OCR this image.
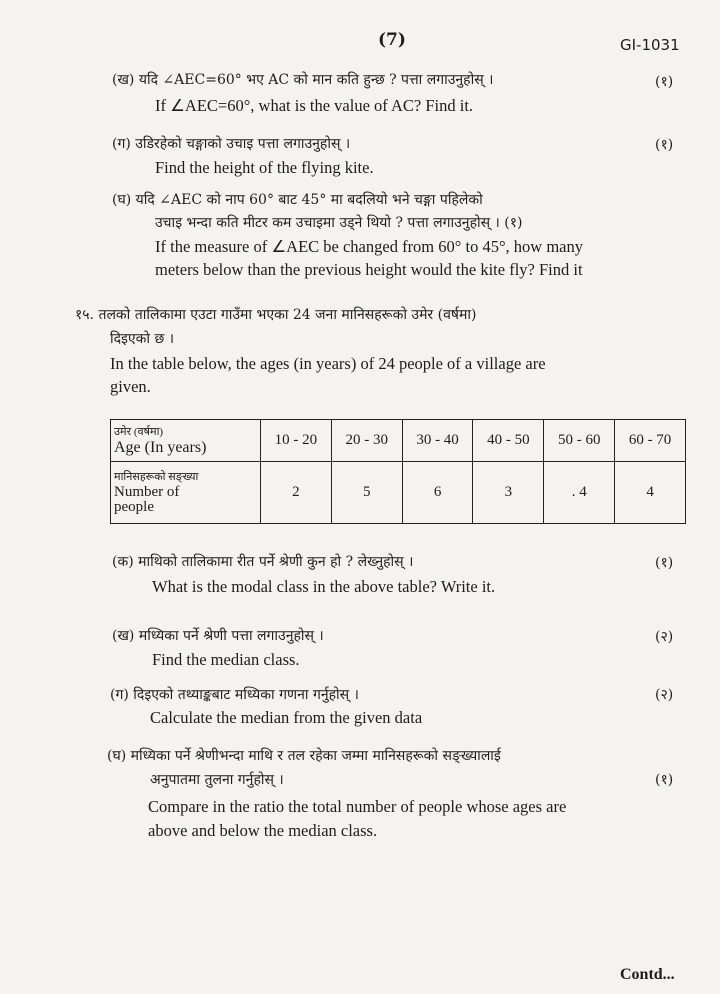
(7)	GI-1031
(ख) यदि ∠AEC=60° भए AC को मान कति हुन्छ ? पत्ता लगाउनुहोस् ।	(१)
If ∠AEC=60°, what is the value of AC? Find it.
(ग) उडिरहेको चङ्गाको उचाइ पत्ता लगाउनुहोस् ।	(१)
Find the height of the flying kite.
(घ) यदि ∠AEC को नाप 60° बाट 45° मा बदलियो भने चङ्गा पहिलेको
उचाइ भन्दा कति मीटर कम उचाइमा उड्ने थियो ? पत्ता लगाउनुहोस् । (१)
If the measure of ∠AEC be changed from 60° to 45°, how many
meters below than the previous height would the kite fly? Find it
१५. तलको तालिकामा एउटा गाउँमा भएका 24 जना मानिसहरूको उमेर (वर्षमा)
दिइएको छ ।
In the table below, the ages (in years) of 24 people of a village are
given.
उमेर (वर्षमा)
Age (In years)	10 - 20	20 - 30	30 - 40	40 - 50	50 - 60	60 - 70

मानिसहरूको सङ्ख्या
Number of
people	2	5	6	3	. 4	4
(क) माथिको तालिकामा रीत पर्ने श्रेणी कुन हो ? लेख्नुहोस् ।	(१)
What is the modal class in the above table? Write it.
(ख) मध्यिका पर्ने श्रेणी पत्ता लगाउनुहोस् ।	(२)
Find the median class.
(ग) दिइएको तथ्याङ्कबाट मध्यिका गणना गर्नुहोस् ।	(२)
Calculate the median from the given data
(घ) मध्यिका पर्ने श्रेणीभन्दा माथि र तल रहेका जम्मा मानिसहरूको सङ्ख्यालाई
अनुपातमा तुलना गर्नुहोस् ।	(१)
Compare in the ratio the total number of people whose ages are
above and below the median class.
Contd...
